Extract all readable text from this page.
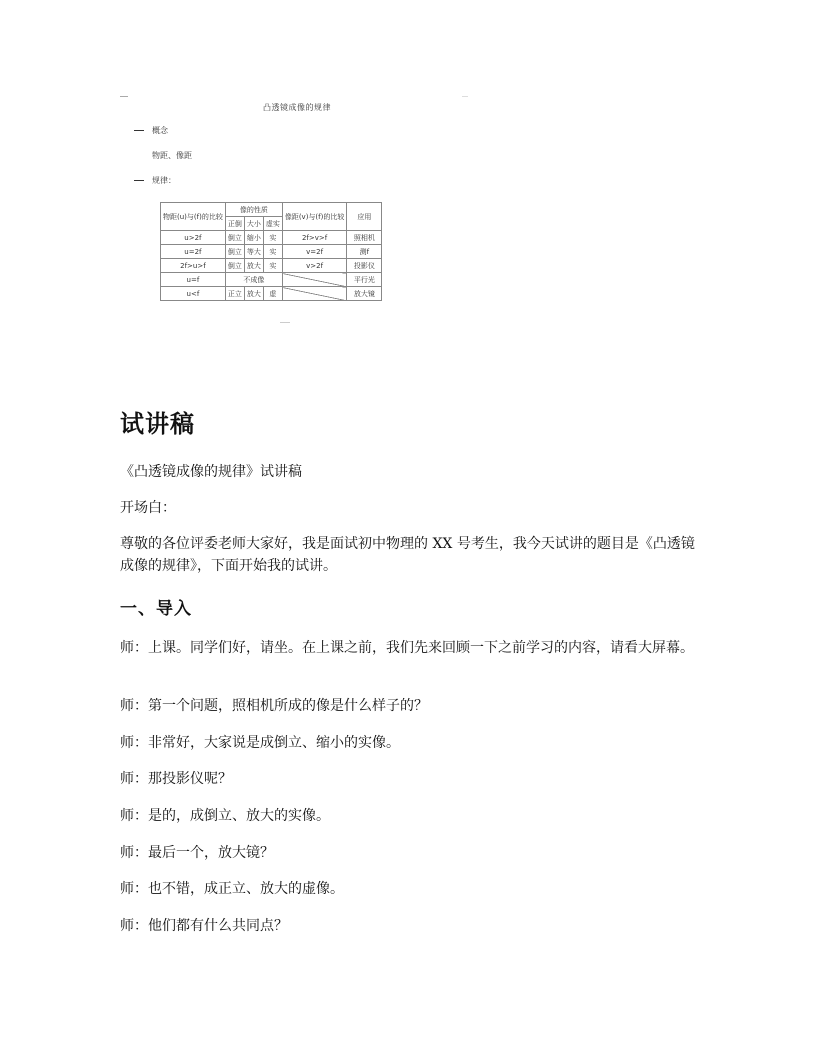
凸透镜成像的规律
概念
物距、像距
规律：
物距(u)与(f)的比较	像的性质			像距(v)与(f)的比较	应用
	正倒	大小	虚实		
u>2f	倒立	缩小	实	2f>v>f	照相机
u=2f	倒立	等大	实	v=2f	测f
2f>u>f	倒立	放大	实	v>2f	投影仪
u=f	不成像				平行光
u<f	正立	放大	虚		放大镜
试讲稿

《凸透镜成像的规律》试讲稿

开场白：

尊敬的各位评委老师大家好，我是面试初中物理的 XX 号考生，我今天试讲的题目是《凸透镜成像的规律》，下面开始我的试讲。

一、导入

师：上课。同学们好，请坐。在上课之前，我们先来回顾一下之前学习的内容，请看大屏幕。

师：第一个问题，照相机所成的像是什么样子的？

师：非常好，大家说是成倒立、缩小的实像。

师：那投影仪呢？

师：是的，成倒立、放大的实像。

师：最后一个，放大镜？

师：也不错，成正立、放大的虚像。

师：他们都有什么共同点？
